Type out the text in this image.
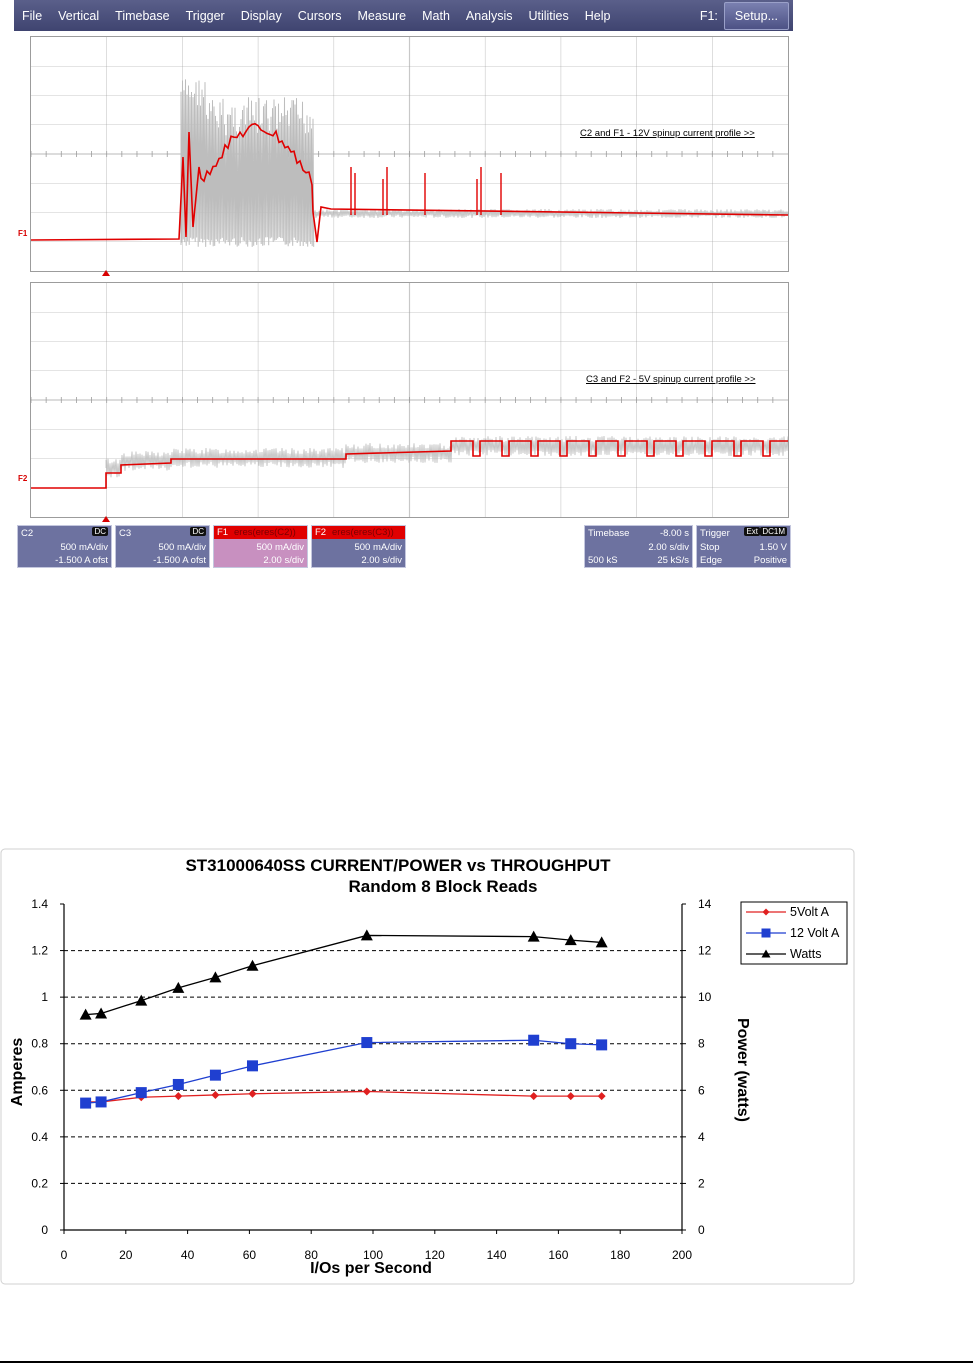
File	Vertical	Timebase	Trigger	Display	Cursors	Measure	Math	Analysis	Utilities	Help	F1:	Setup...
C2 and F1 - 12V spinup current profile >>
F1
C3 and F2 - 5V spinup current profile >>
F2
C2	DC
500 mA/div
-1.500 A ofst
C3	DC
500 mA/div
-1.500 A ofst
F1 eres(eres(C2))
500 mA/div
2.00 s/div
F2 eres(eres(C3))
500 mA/div
2.00 s/div
Timebase	-8.00 s
2.00 s/div
500 kS	25 kS/s
Trigger Ext DC1M
Stop	1.50 V
Edge	Positive
ST31000640SS CURRENT/POWER vs THROUGHPUT
Random 8 Block Reads
0
0.2
0.4
0.6
0.8
1
1.2
1.4
0
2
4
6
8
10
12
14
0	20	40	60	80	100	120	140	160	180	200
I/Os per Second
Amperes	Power (watts)
5Volt A
12 Volt A
Watts
